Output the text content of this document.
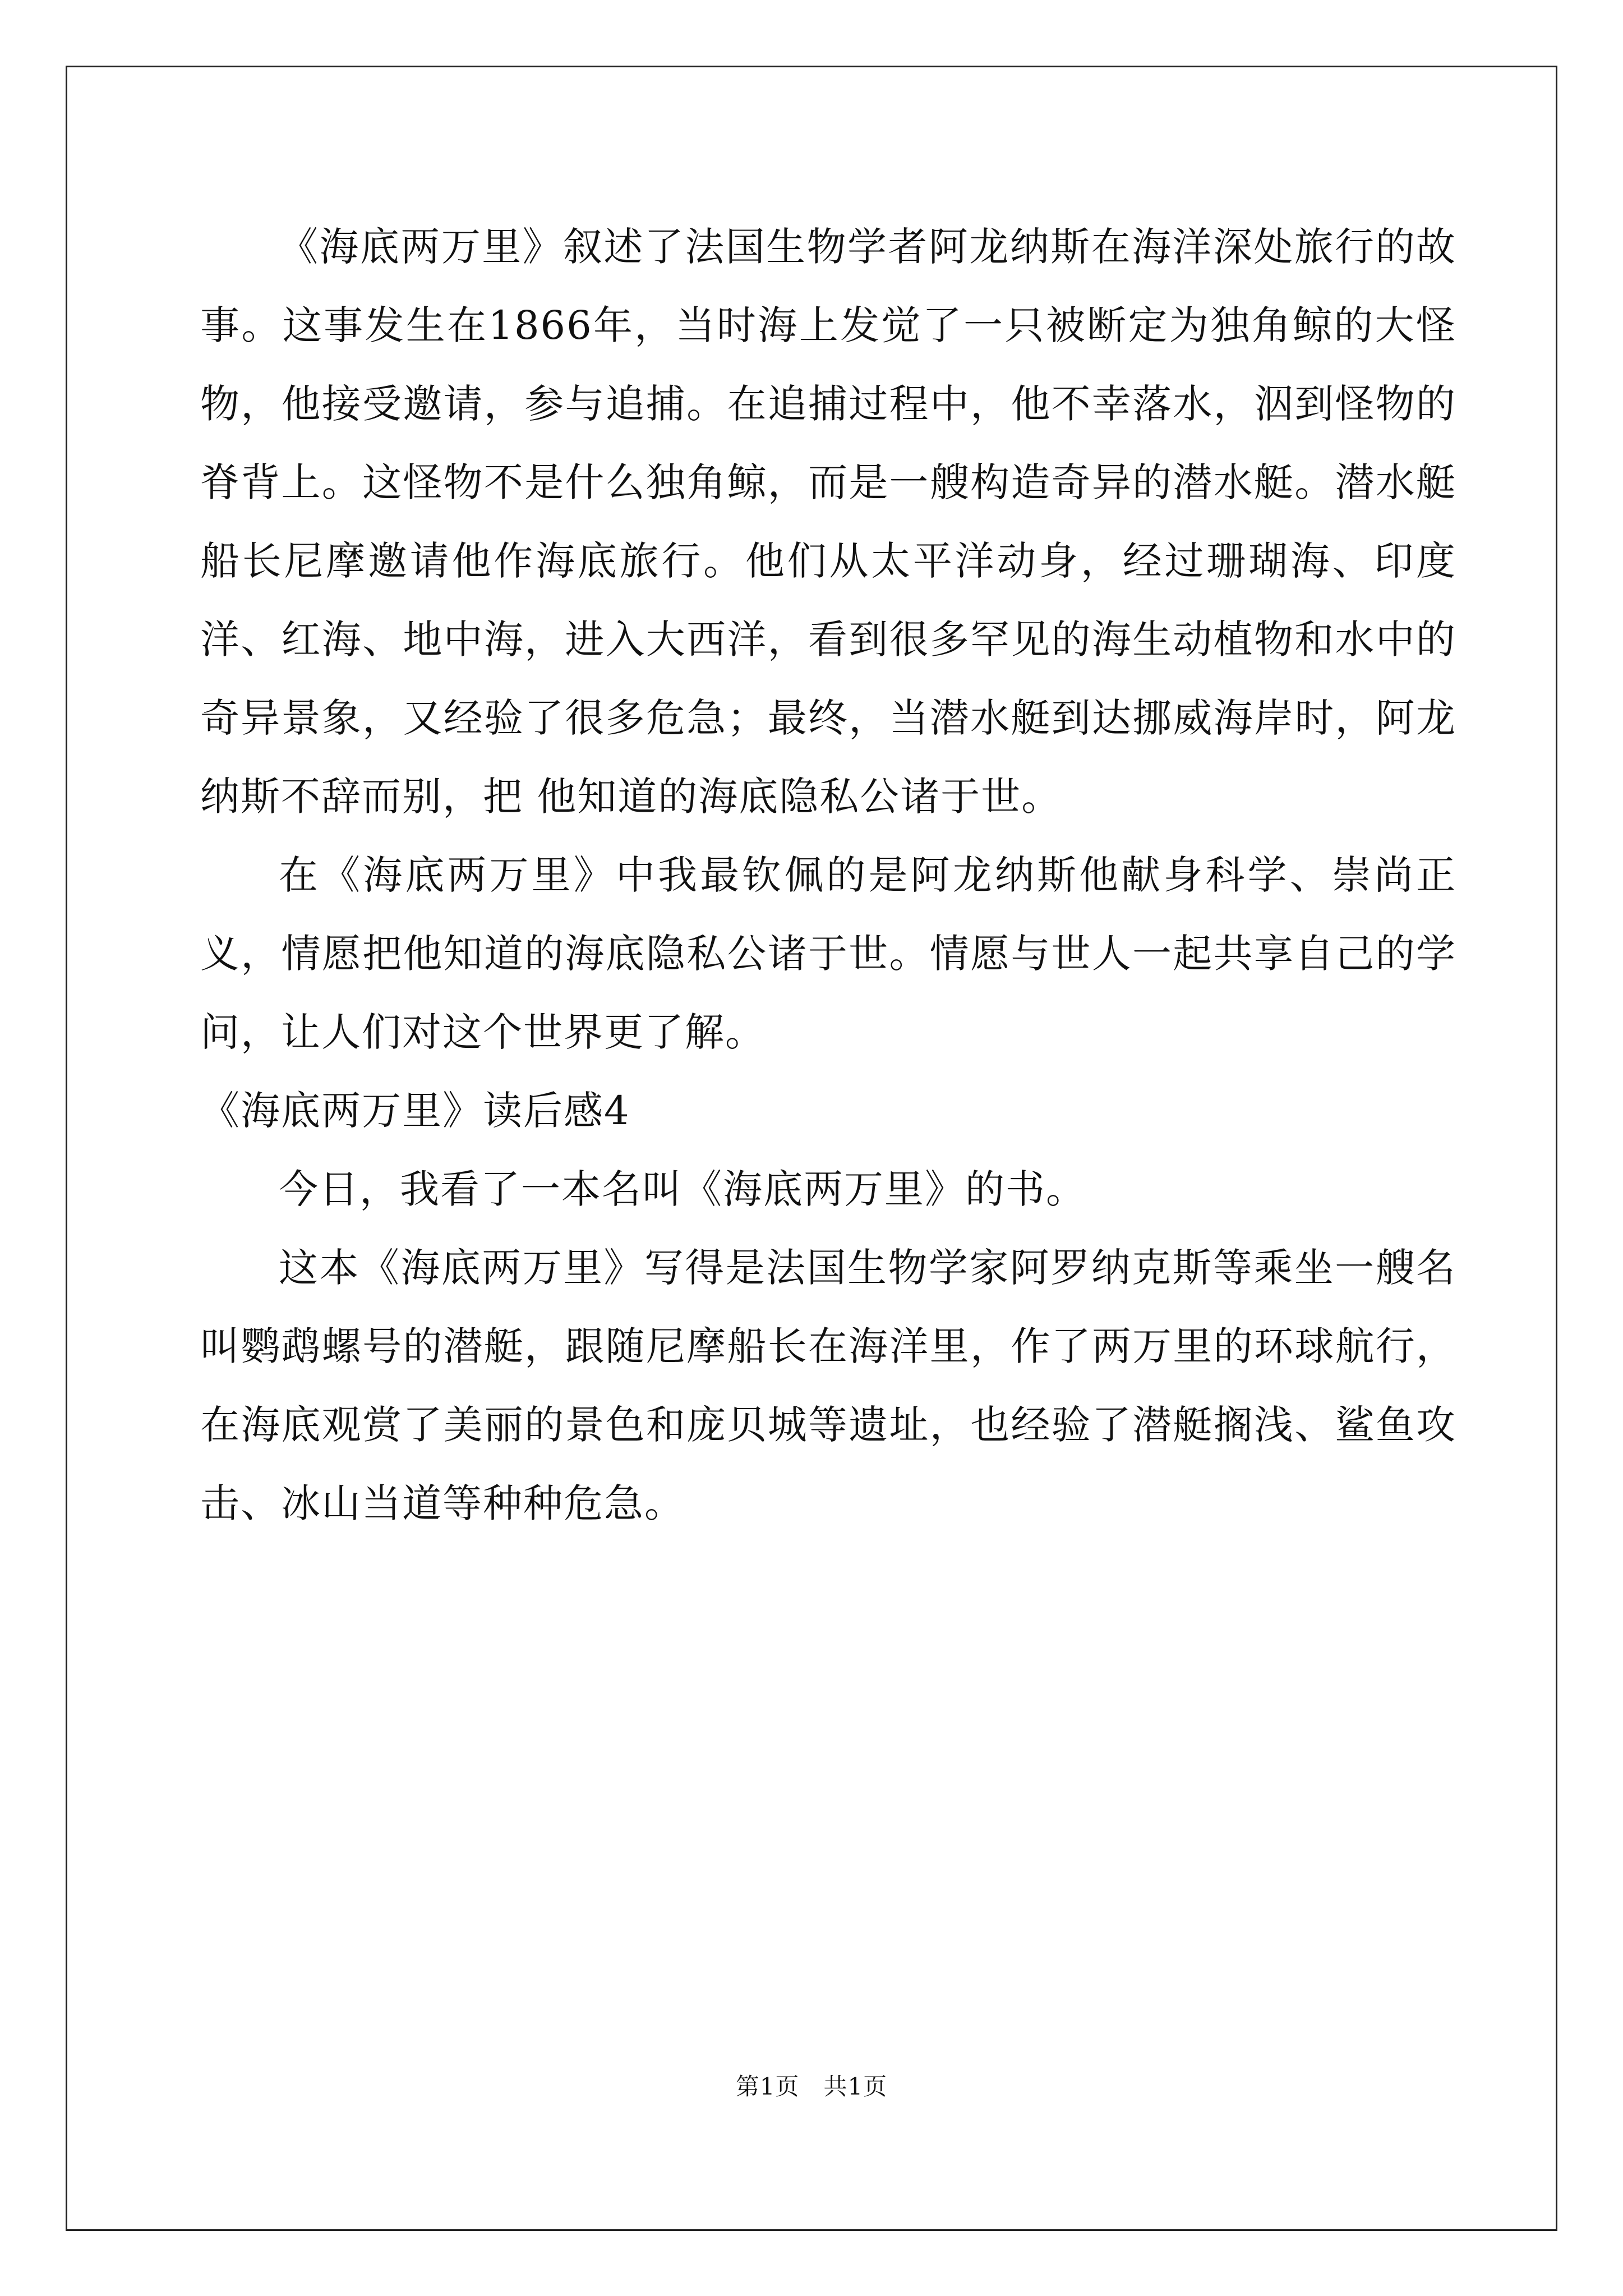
《海底两万里》叙述了法国生物学者阿龙纳斯在海洋深处旅行的故事。这事发生在1866年，当时海上发觉了一只被断定为独角鲸的大怪物，他接受邀请，参与追捕。在追捕过程中，他不幸落水，泅到怪物的脊背上。这怪物不是什么独角鲸，而是一艘构造奇异的潜水艇。潜水艇船长尼摩邀请他作海底旅行。他们从太平洋动身，经过珊瑚海、印度洋、红海、地中海，进入大西洋，看到很多罕见的海生动植物和水中的奇异景象，又经验了很多危急；最终，当潜水艇到达挪威海岸时，阿龙纳斯不辞而别，把 他知道的海底隐私公诸于世。

在《海底两万里》中我最钦佩的是阿龙纳斯他献身科学、崇尚正义，情愿把他知道的海底隐私公诸于世。情愿与世人一起共享自己的学问，让人们对这个世界更了解。

《海底两万里》读后感4

今日，我看了一本名叫《海底两万里》的书。

这本《海底两万里》写得是法国生物学家阿罗纳克斯等乘坐一艘名叫鹦鹉螺号的潜艇，跟随尼摩船长在海洋里，作了两万里的环球航行，在海底观赏了美丽的景色和庞贝城等遗址，也经验了潜艇搁浅、鲨鱼攻击、冰山当道等种种危急。

第1页　共1页
